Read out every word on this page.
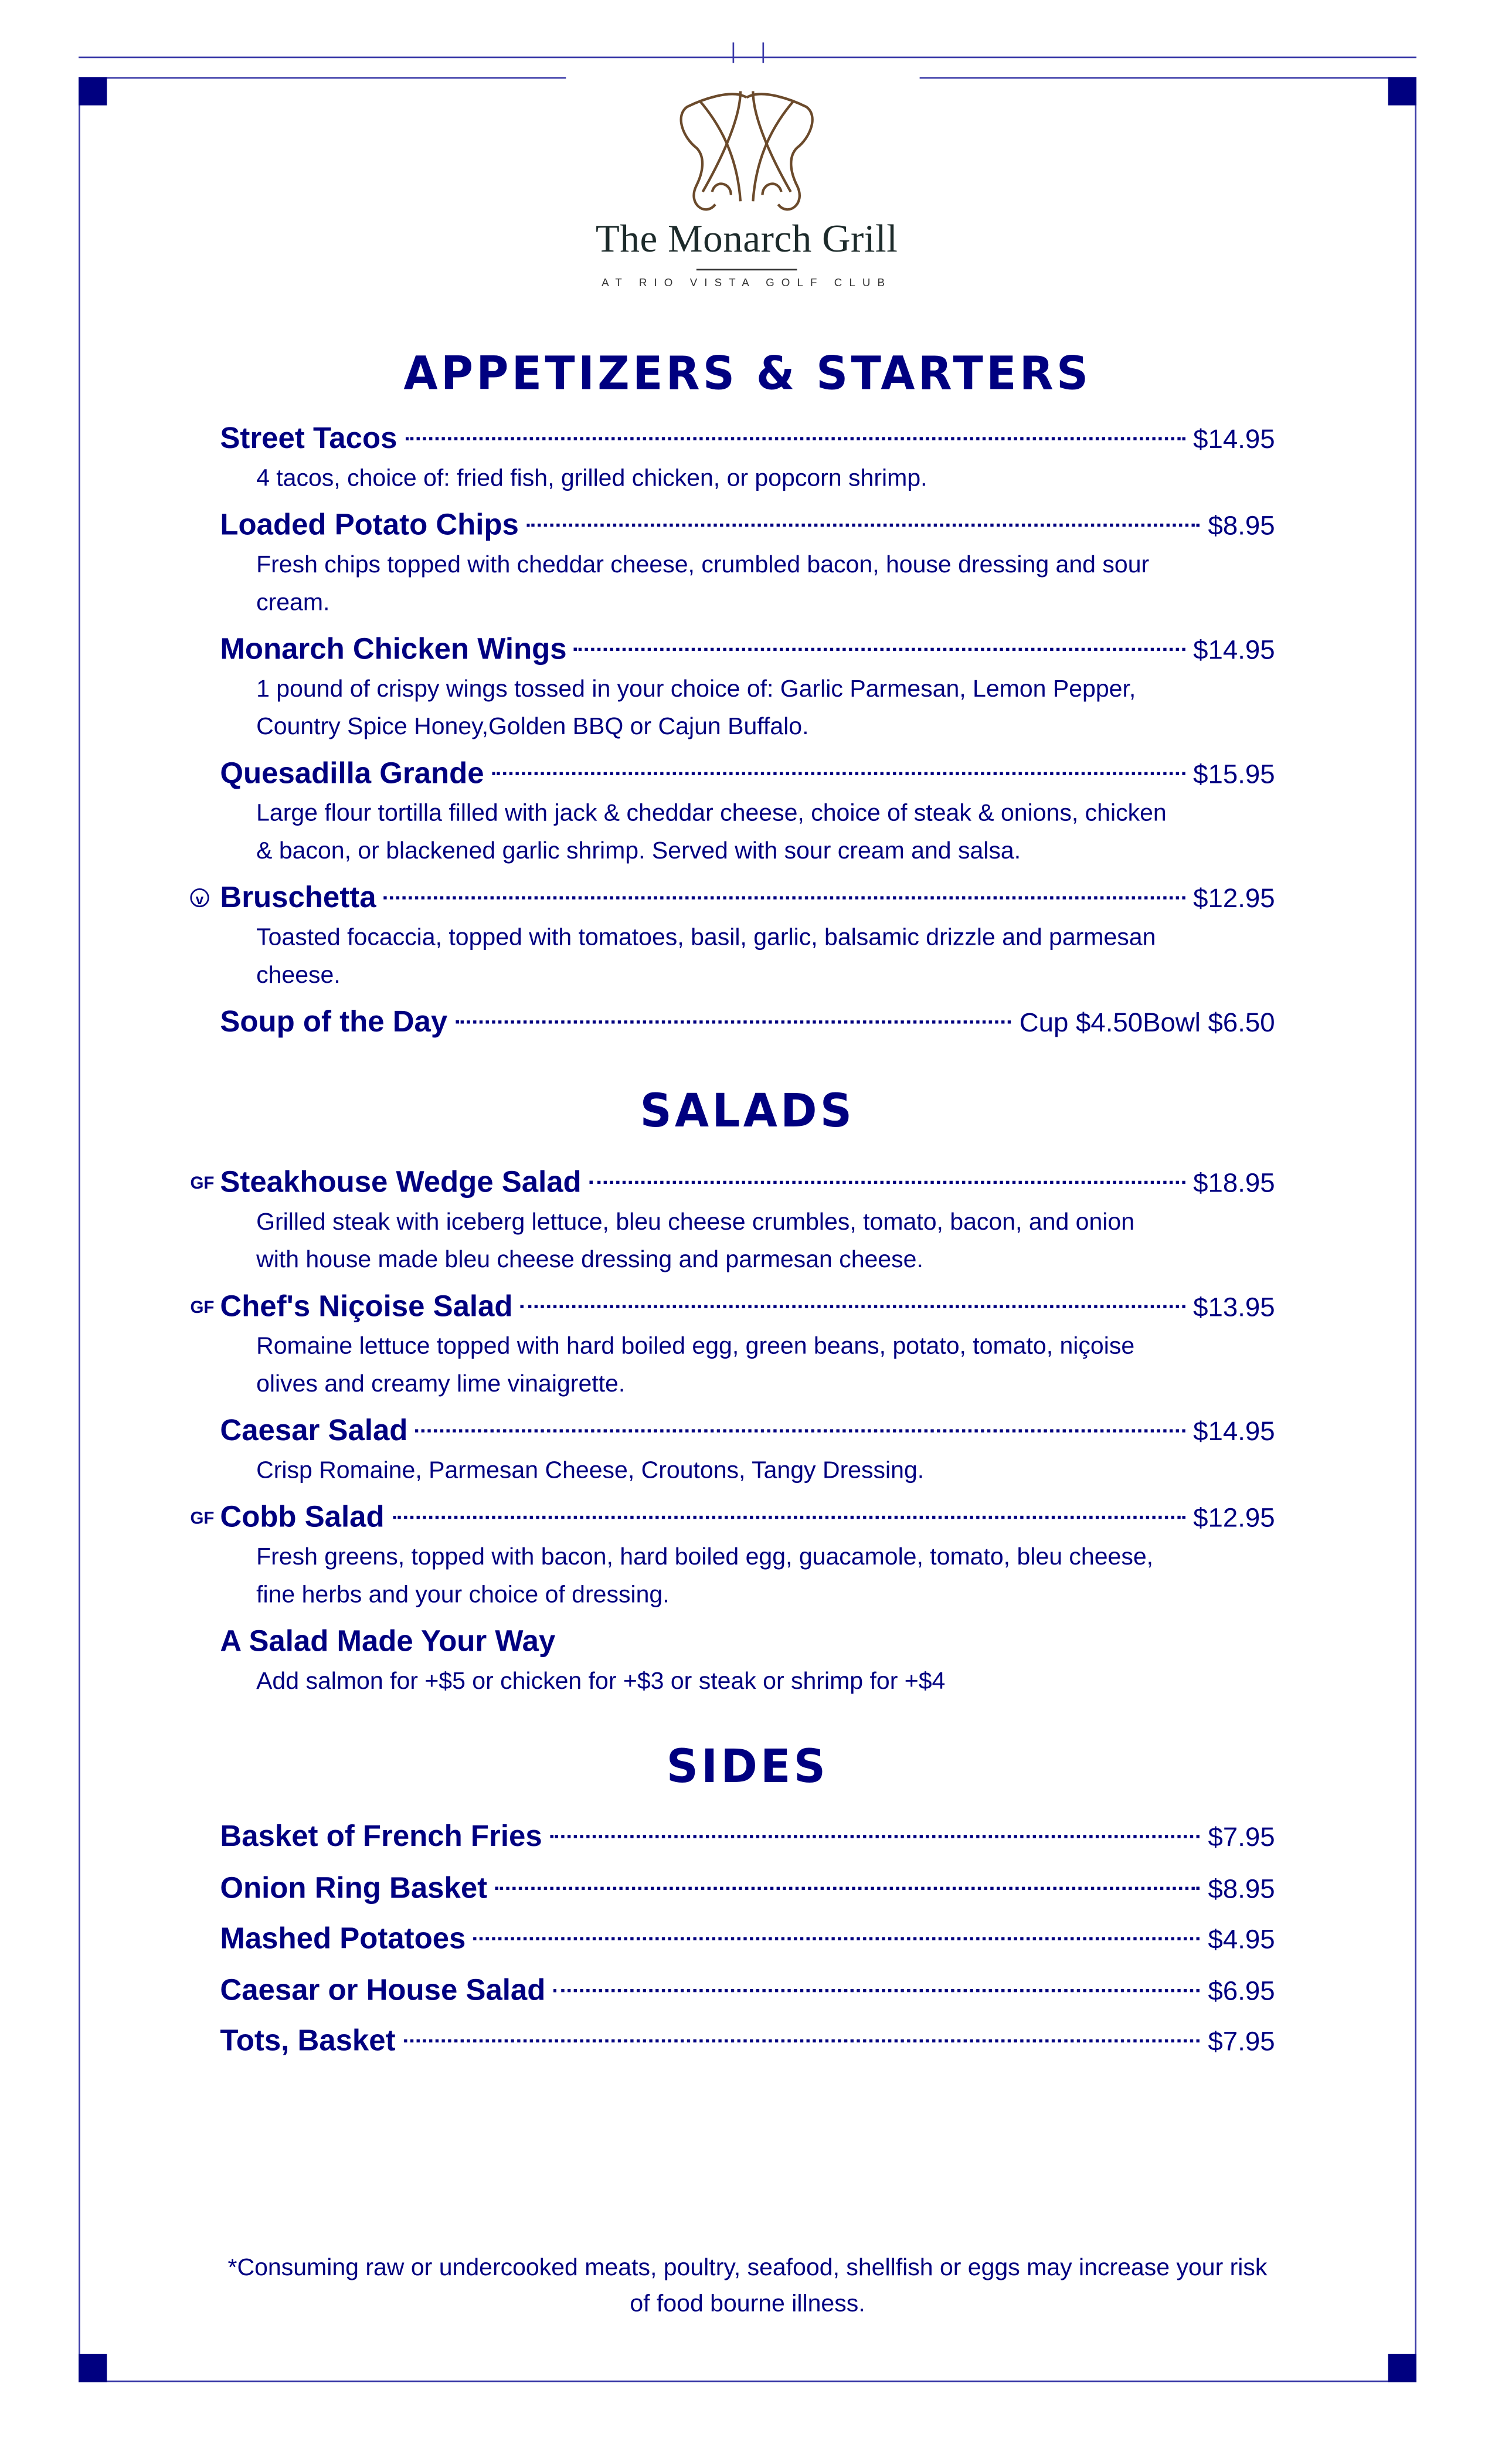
The Monarch Grill
AT RIO VISTA GOLF CLUB
APPETIZERS & STARTERS
Street Tacos	$14.95
4 tacos, choice of: fried fish, grilled chicken, or popcorn shrimp.
Loaded Potato Chips	$8.95
Fresh chips topped with cheddar cheese, crumbled bacon, house dressing and sour cream.
Monarch Chicken Wings	$14.95
1 pound of crispy wings tossed in your choice of: Garlic Parmesan, Lemon Pepper, Country Spice Honey,Golden BBQ or Cajun Buffalo.
Quesadilla Grande	$15.95
Large flour tortilla filled with jack & cheddar cheese, choice of steak & onions, chicken & bacon, or blackened garlic shrimp. Served with sour cream and salsa.
v	Bruschetta	$12.95
Toasted focaccia, topped with tomatoes, basil, garlic, balsamic drizzle and parmesan cheese.
Soup of the Day	Cup $4.50Bowl $6.50
SALADS
GF Steakhouse Wedge Salad	$18.95
Grilled steak with iceberg lettuce, bleu cheese crumbles, tomato, bacon, and onion with house made bleu cheese dressing and parmesan cheese.
GF Chef's Niçoise Salad	$13.95
Romaine lettuce topped with hard boiled egg, green beans, potato, tomato, niçoise olives and creamy lime vinaigrette.
Caesar Salad	$14.95
Crisp Romaine, Parmesan Cheese, Croutons, Tangy Dressing.
GF Cobb Salad	$12.95
Fresh greens, topped with bacon, hard boiled egg, guacamole, tomato, bleu cheese, fine herbs and your choice of dressing.
A Salad Made Your Way
Add salmon for +$5 or chicken for +$3 or steak or shrimp for +$4
SIDES
Basket of French Fries	$7.95
Onion Ring Basket	$8.95
Mashed Potatoes	$4.95
Caesar or House Salad	$6.95
Tots, Basket	$7.95
*Consuming raw or undercooked meats, poultry, seafood, shellfish or eggs may increase your risk of food bourne illness.
